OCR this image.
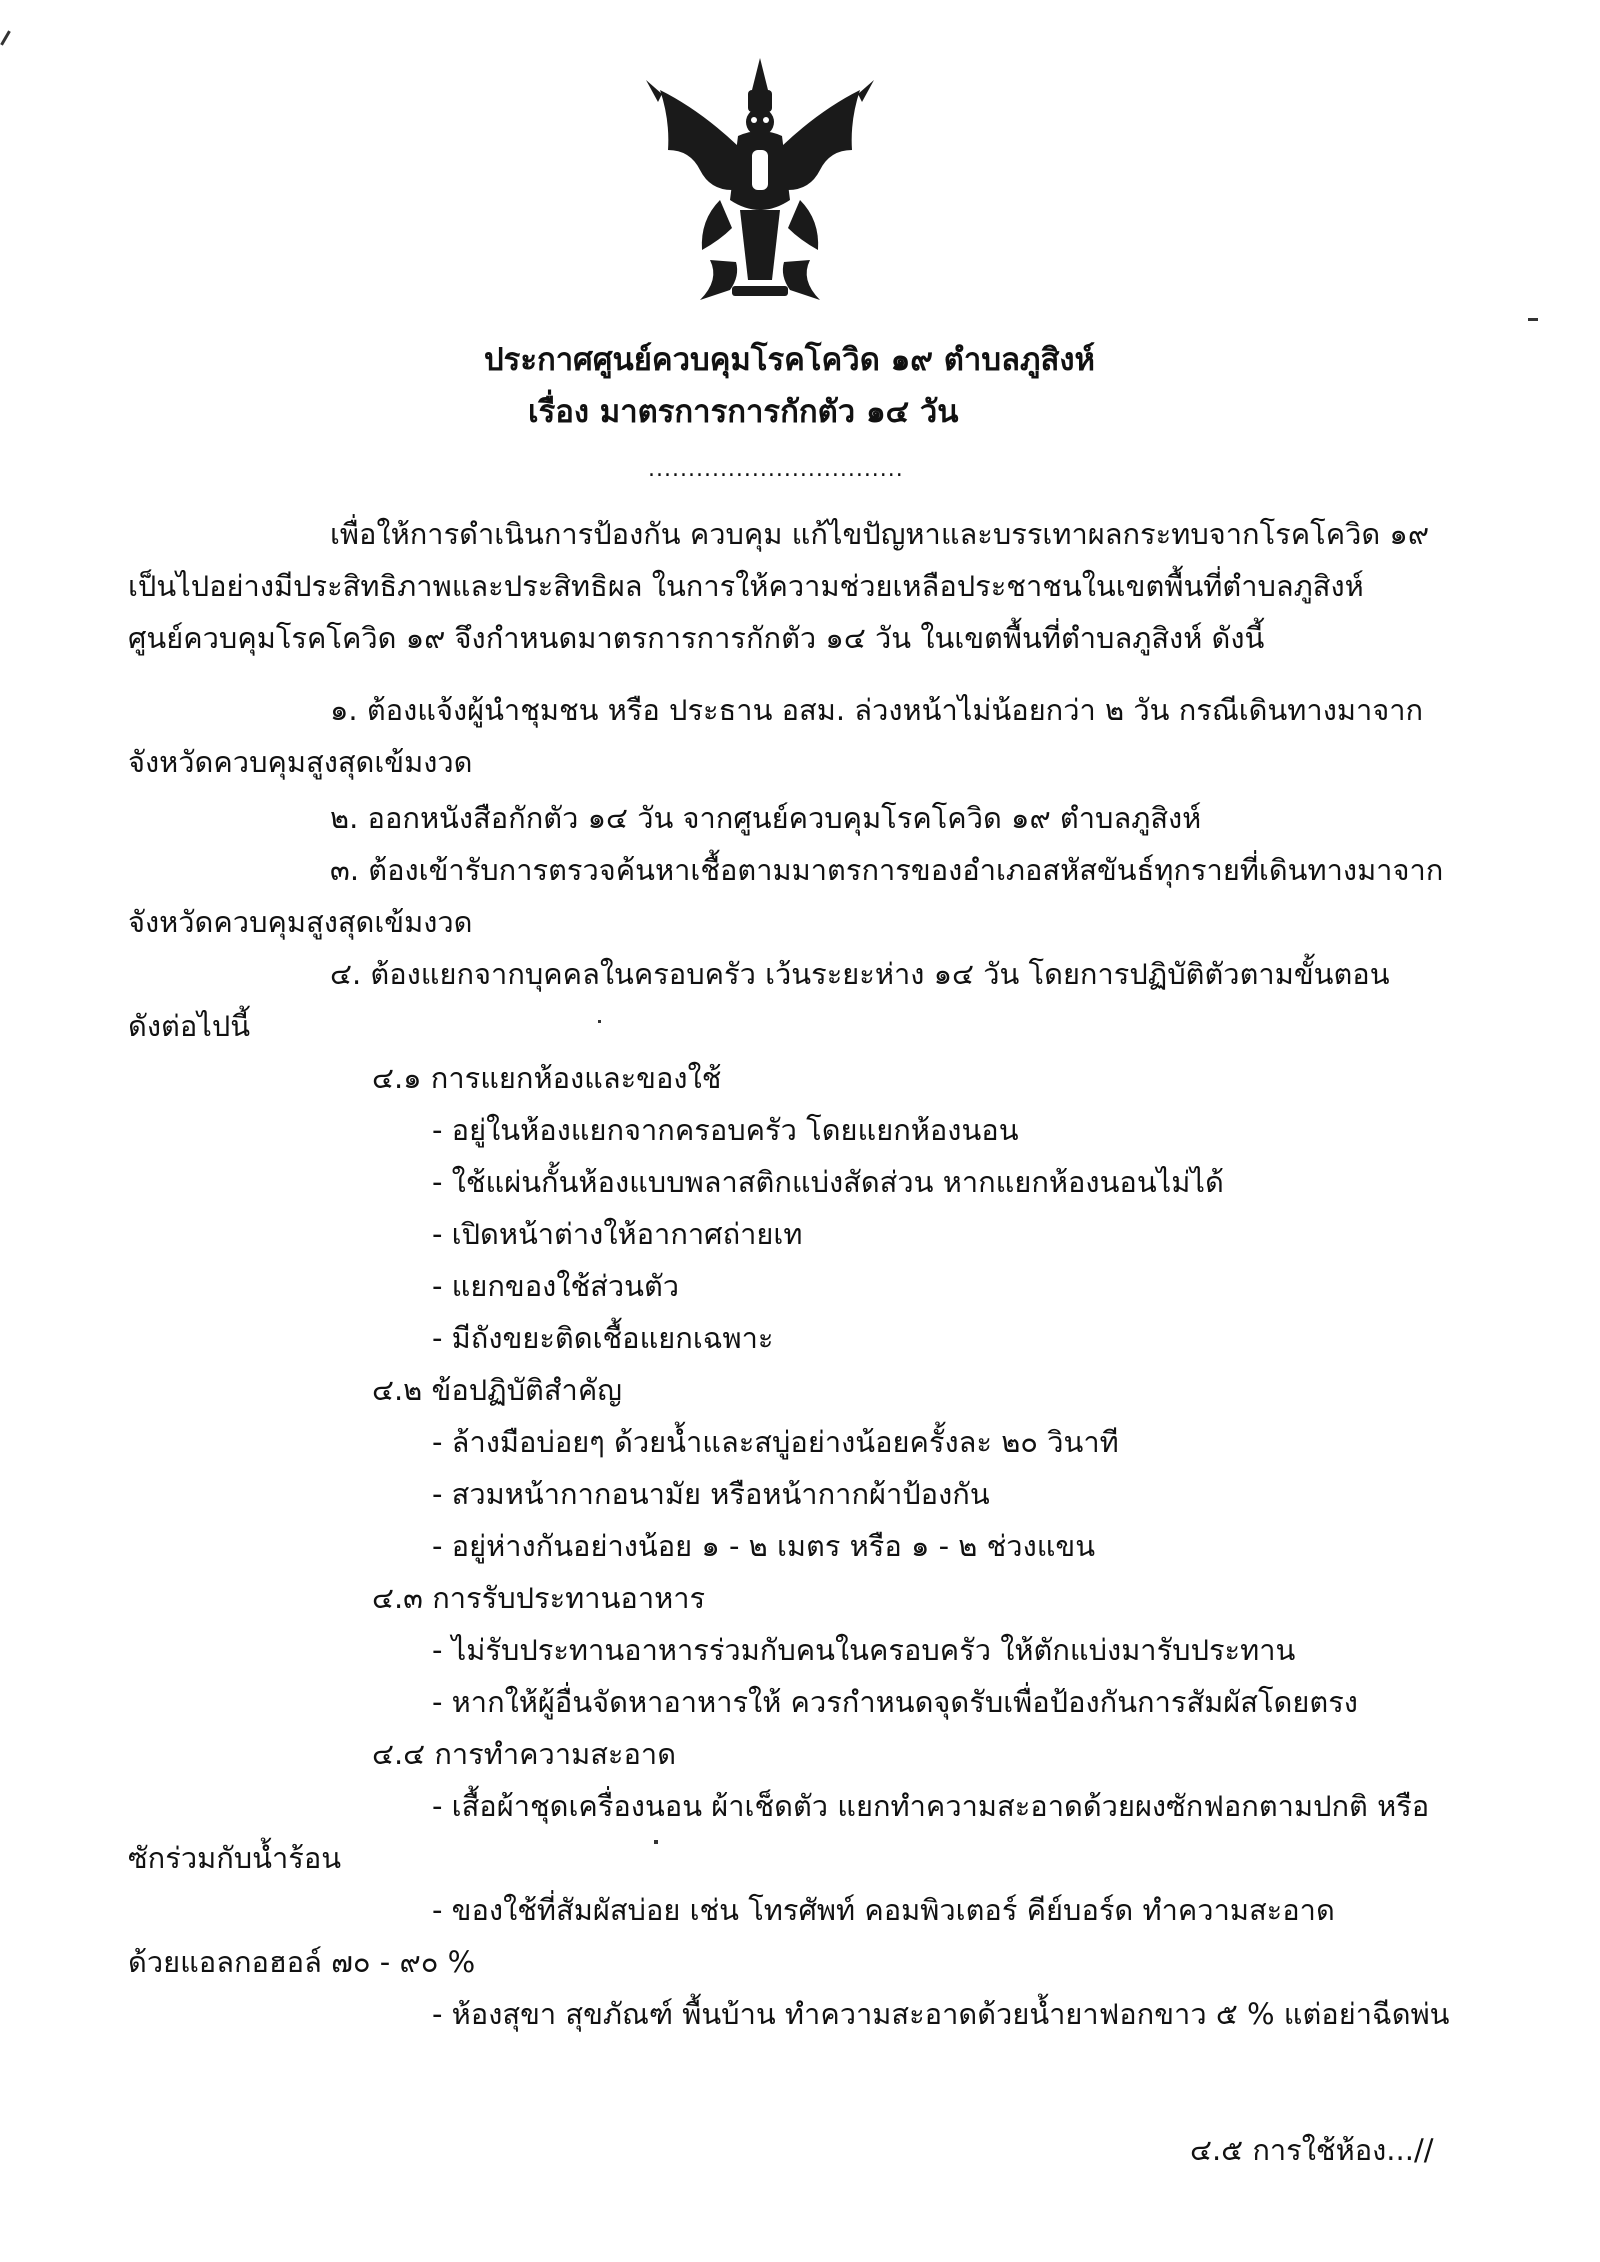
ประกาศศูนย์ควบคุมโรคโควิด ๑๙ ตำบลภูสิงห์
เรื่อง มาตรการการกักตัว ๑๔ วัน
................................
เพื่อให้การดำเนินการป้องกัน ควบคุม แก้ไขปัญหาและบรรเทาผลกระทบจากโรคโควิด ๑๙
เป็นไปอย่างมีประสิทธิภาพและประสิทธิผล ในการให้ความช่วยเหลือประชาชนในเขตพื้นที่ตำบลภูสิงห์
ศูนย์ควบคุมโรคโควิด ๑๙ จึงกำหนดมาตรการการกักตัว ๑๔ วัน ในเขตพื้นที่ตำบลภูสิงห์ ดังนี้
๑. ต้องแจ้งผู้นำชุมชน หรือ ประธาน อสม. ล่วงหน้าไม่น้อยกว่า ๒ วัน กรณีเดินทางมาจาก
จังหวัดควบคุมสูงสุดเข้มงวด
๒. ออกหนังสือกักตัว ๑๔ วัน จากศูนย์ควบคุมโรคโควิด ๑๙ ตำบลภูสิงห์
๓. ต้องเข้ารับการตรวจค้นหาเชื้อตามมาตรการของอำเภอสหัสขันธ์ทุกรายที่เดินทางมาจาก
จังหวัดควบคุมสูงสุดเข้มงวด
๔. ต้องแยกจากบุคคลในครอบครัว เว้นระยะห่าง ๑๔ วัน โดยการปฏิบัติตัวตามขั้นตอน
ดังต่อไปนี้
๔.๑ การแยกห้องและของใช้
- อยู่ในห้องแยกจากครอบครัว โดยแยกห้องนอน
- ใช้แผ่นกั้นห้องแบบพลาสติกแบ่งสัดส่วน หากแยกห้องนอนไม่ได้
- เปิดหน้าต่างให้อากาศถ่ายเท
- แยกของใช้ส่วนตัว
- มีถังขยะติดเชื้อแยกเฉพาะ
๔.๒ ข้อปฏิบัติสำคัญ
- ล้างมือบ่อยๆ ด้วยน้ำและสบู่อย่างน้อยครั้งละ ๒๐ วินาที
- สวมหน้ากากอนามัย หรือหน้ากากผ้าป้องกัน
- อยู่ห่างกันอย่างน้อย ๑ - ๒ เมตร หรือ ๑ - ๒ ช่วงแขน
๔.๓ การรับประทานอาหาร
- ไม่รับประทานอาหารร่วมกับคนในครอบครัว ให้ตักแบ่งมารับประทาน
- หากให้ผู้อื่นจัดหาอาหารให้ ควรกำหนดจุดรับเพื่อป้องกันการสัมผัสโดยตรง
๔.๔ การทำความสะอาด
- เสื้อผ้าชุดเครื่องนอน ผ้าเช็ดตัว แยกทำความสะอาดด้วยผงซักฟอกตามปกติ หรือ
ซักร่วมกับน้ำร้อน
- ของใช้ที่สัมผัสบ่อย เช่น โทรศัพท์ คอมพิวเตอร์ คีย์บอร์ด ทำความสะอาด
ด้วยแอลกอฮอล์ ๗๐ - ๙๐ %
- ห้องสุขา สุขภัณฑ์ พื้นบ้าน ทำความสะอาดด้วยน้ำยาฟอกขาว ๕ % แต่อย่าฉีดพ่น
๔.๕ การใช้ห้อง...//
